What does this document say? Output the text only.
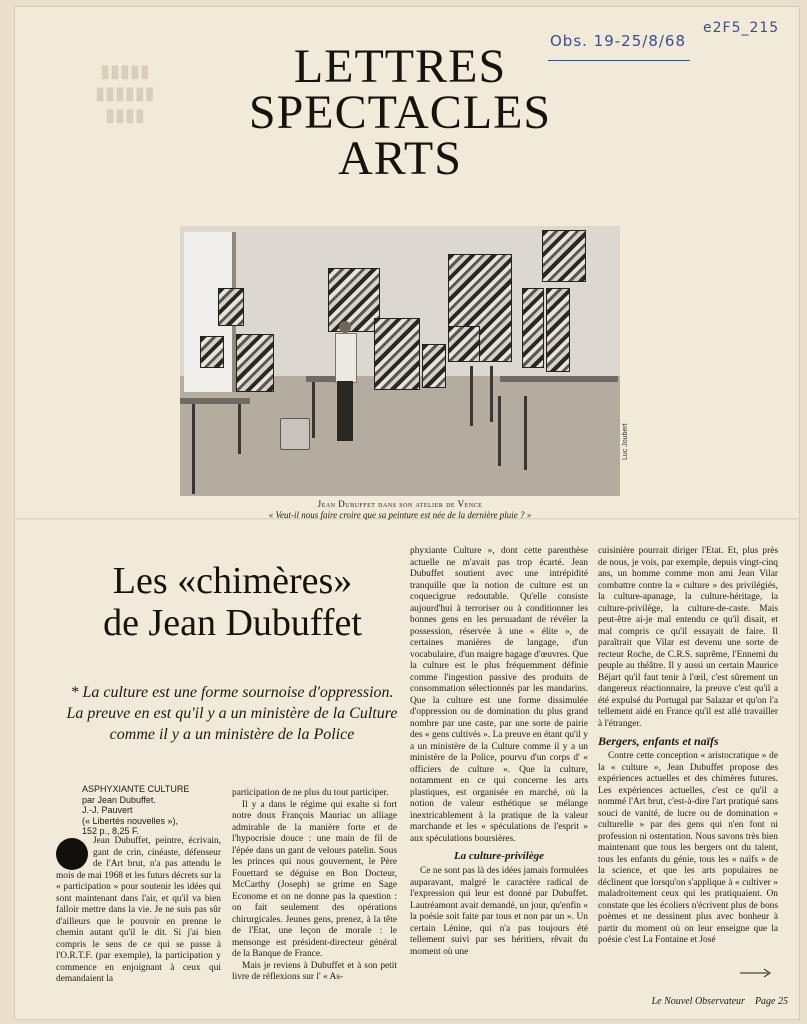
Obs. 19-25/8/68
e2F5_215
▮▮▮▮▮
▮▮▮▮▮▮
▮▮▮▮
LETTRES
SPECTACLES
ARTS
Luc Joubert
Jean Dubuffet dans son atelier de Vence
« Veut-il nous faire croire que sa peinture est née de la dernière pluie ? »
Les «chimères»
de Jean Dubuffet
* La culture est une forme sournoise d'oppression. La preuve en est qu'il y a un ministère de la Culture comme il y a un ministère de la Police
ASPHYXIANTE CULTURE
par Jean Dubuffet.
J.-J. Pauvert
(« Libertés nouvelles »),
152 p., 8,25 F.

Jean Dubuffet, peintre, écrivain, gant de crin, cinéaste, défenseur de l'Art brut, n'a pas attendu le mois de mai 1968 et les futurs décrets sur la « participation » pour soutenir les idées qui sont maintenant dans l'air, et qu'il va bien falloir mettre dans la vie. Je ne suis pas sûr d'ailleurs que le pouvoir en prenne le chemin autant qu'il le dit. Si j'ai bien compris le sens de ce qui se passe à l'O.R.T.F. (par exemple), la participation y commence en enjoignant à ceux qui demandaient la

participation de ne plus du tout participer.

Il y a dans le régime qui exalte si fort notre doux François Mauriac un alliage admirable de la manière forte et de l'hypocrisie douce : une main de fil de l'épée dans un gant de velours patelin. Sous les princes qui nous gouvernent, le Père Fouettard se déguise en Bon Docteur, McCarthy (Joseph) se grime en Sage Econome et on ne donne pas la question : on fait seulement des opérations chirurgicales. Jeunes gens, prenez, à la tête de l'Etat, une leçon de morale : le mensonge est président-directeur général de la Banque de France.

Mais je reviens à Dubuffet et à son petit livre de réflexions sur l' « As-

phyxiante Culture », dont cette parenthèse actuelle ne m'avait pas trop écarté. Jean Dubuffet soutient avec une intrépidité tranquille que la notion de culture est un coquecigrue redoutable. Qu'elle consiste aujourd'hui à terroriser ou à conditionner les bonnes gens en les persuadant de révéler la possession, réservée à une « élite », de certaines manières de langage, d'un vocabulaire, d'un maigre bagage d'œuvres. Que la culture est le plus fréquemment définie comme l'ingestion passive des produits de consommation sélectionnés par les mandarins. Que la culture est une forme dissimulée d'oppression ou de domination du plus grand nombre par une caste, par une sorte de pairie des « gens cultivés ». La preuve en étant qu'il y a un ministère de la Culture comme il y a un ministère de la Police, pourvu d'un corps d' « officiers de culture ». Que la culture, notamment en ce qui concerne les arts plastiques, est organisée en marché, où la notion de valeur esthétique se mélange inextricablement à la pratique de la valeur marchande et les « spéculations de l'esprit » aux spéculations boursières.

La culture-privilège

Ce ne sont pas là des idées jamais formulées auparavant, malgré le caractère radical de l'expression qui leur est donné par Dubuffet. Lautréamont avait demandé, un jour, qu'enfin « la poésie soit faite par tous et non par un ». Un certain Lénine, qui n'a pas toujours été tellement suivi par ses héritiers, rêvait du moment où une

cuisinière pourrait diriger l'Etat. Et, plus près de nous, je vois, par exemple, depuis vingt-cinq ans, un homme comme mon ami Jean Vilar combattre contre la « culture » des privilégiés, la culture-apanage, la culture-héritage, la culture-privilège, la culture-de-caste. Mais peut-être ai-je mal entendu ce qu'il disait, et mal compris ce qu'il essayait de faire. Il paraîtrait que Vilar est devenu une sorte de recteur Roche, de C.R.S. suprême, l'Ennemi du peuple au théâtre. Il y aussi un certain Maurice Béjart qu'il faut tenir à l'œil, c'est sûrement un dangereux réactionnaire, la preuve c'est qu'il a été expulsé du Portugal par Salazar et qu'on l'a tellement aidé en France qu'il est allé travailler à l'étranger.

Bergers, enfants et naïfs

Contre cette conception « aristocratique » de la « culture », Jean Dubuffet propose des expériences actuelles et des chimères futures. Les expériences actuelles, c'est ce qu'il a nommé l'Art brut, c'est-à-dire l'art pratiqué sans souci de vanité, de lucre ou de domination « culturelle » par des gens qui n'en font ni profession ni ostentation. Nous savons très bien maintenant que tous les bergers ont du talent, tous les enfants du génie, tous les « naïfs » de la science, et que les arts populaires ne déclinent que lorsqu'on s'applique à « cultiver » maladroitement ceux qui les pratiquaient. On constate que les écoliers n'écrivent plus de bons poèmes et ne dessinent plus avec bonheur à partir du moment où on leur enseigne que la poésie c'est La Fontaine et José

Le Nouvel Observateur Page 25
